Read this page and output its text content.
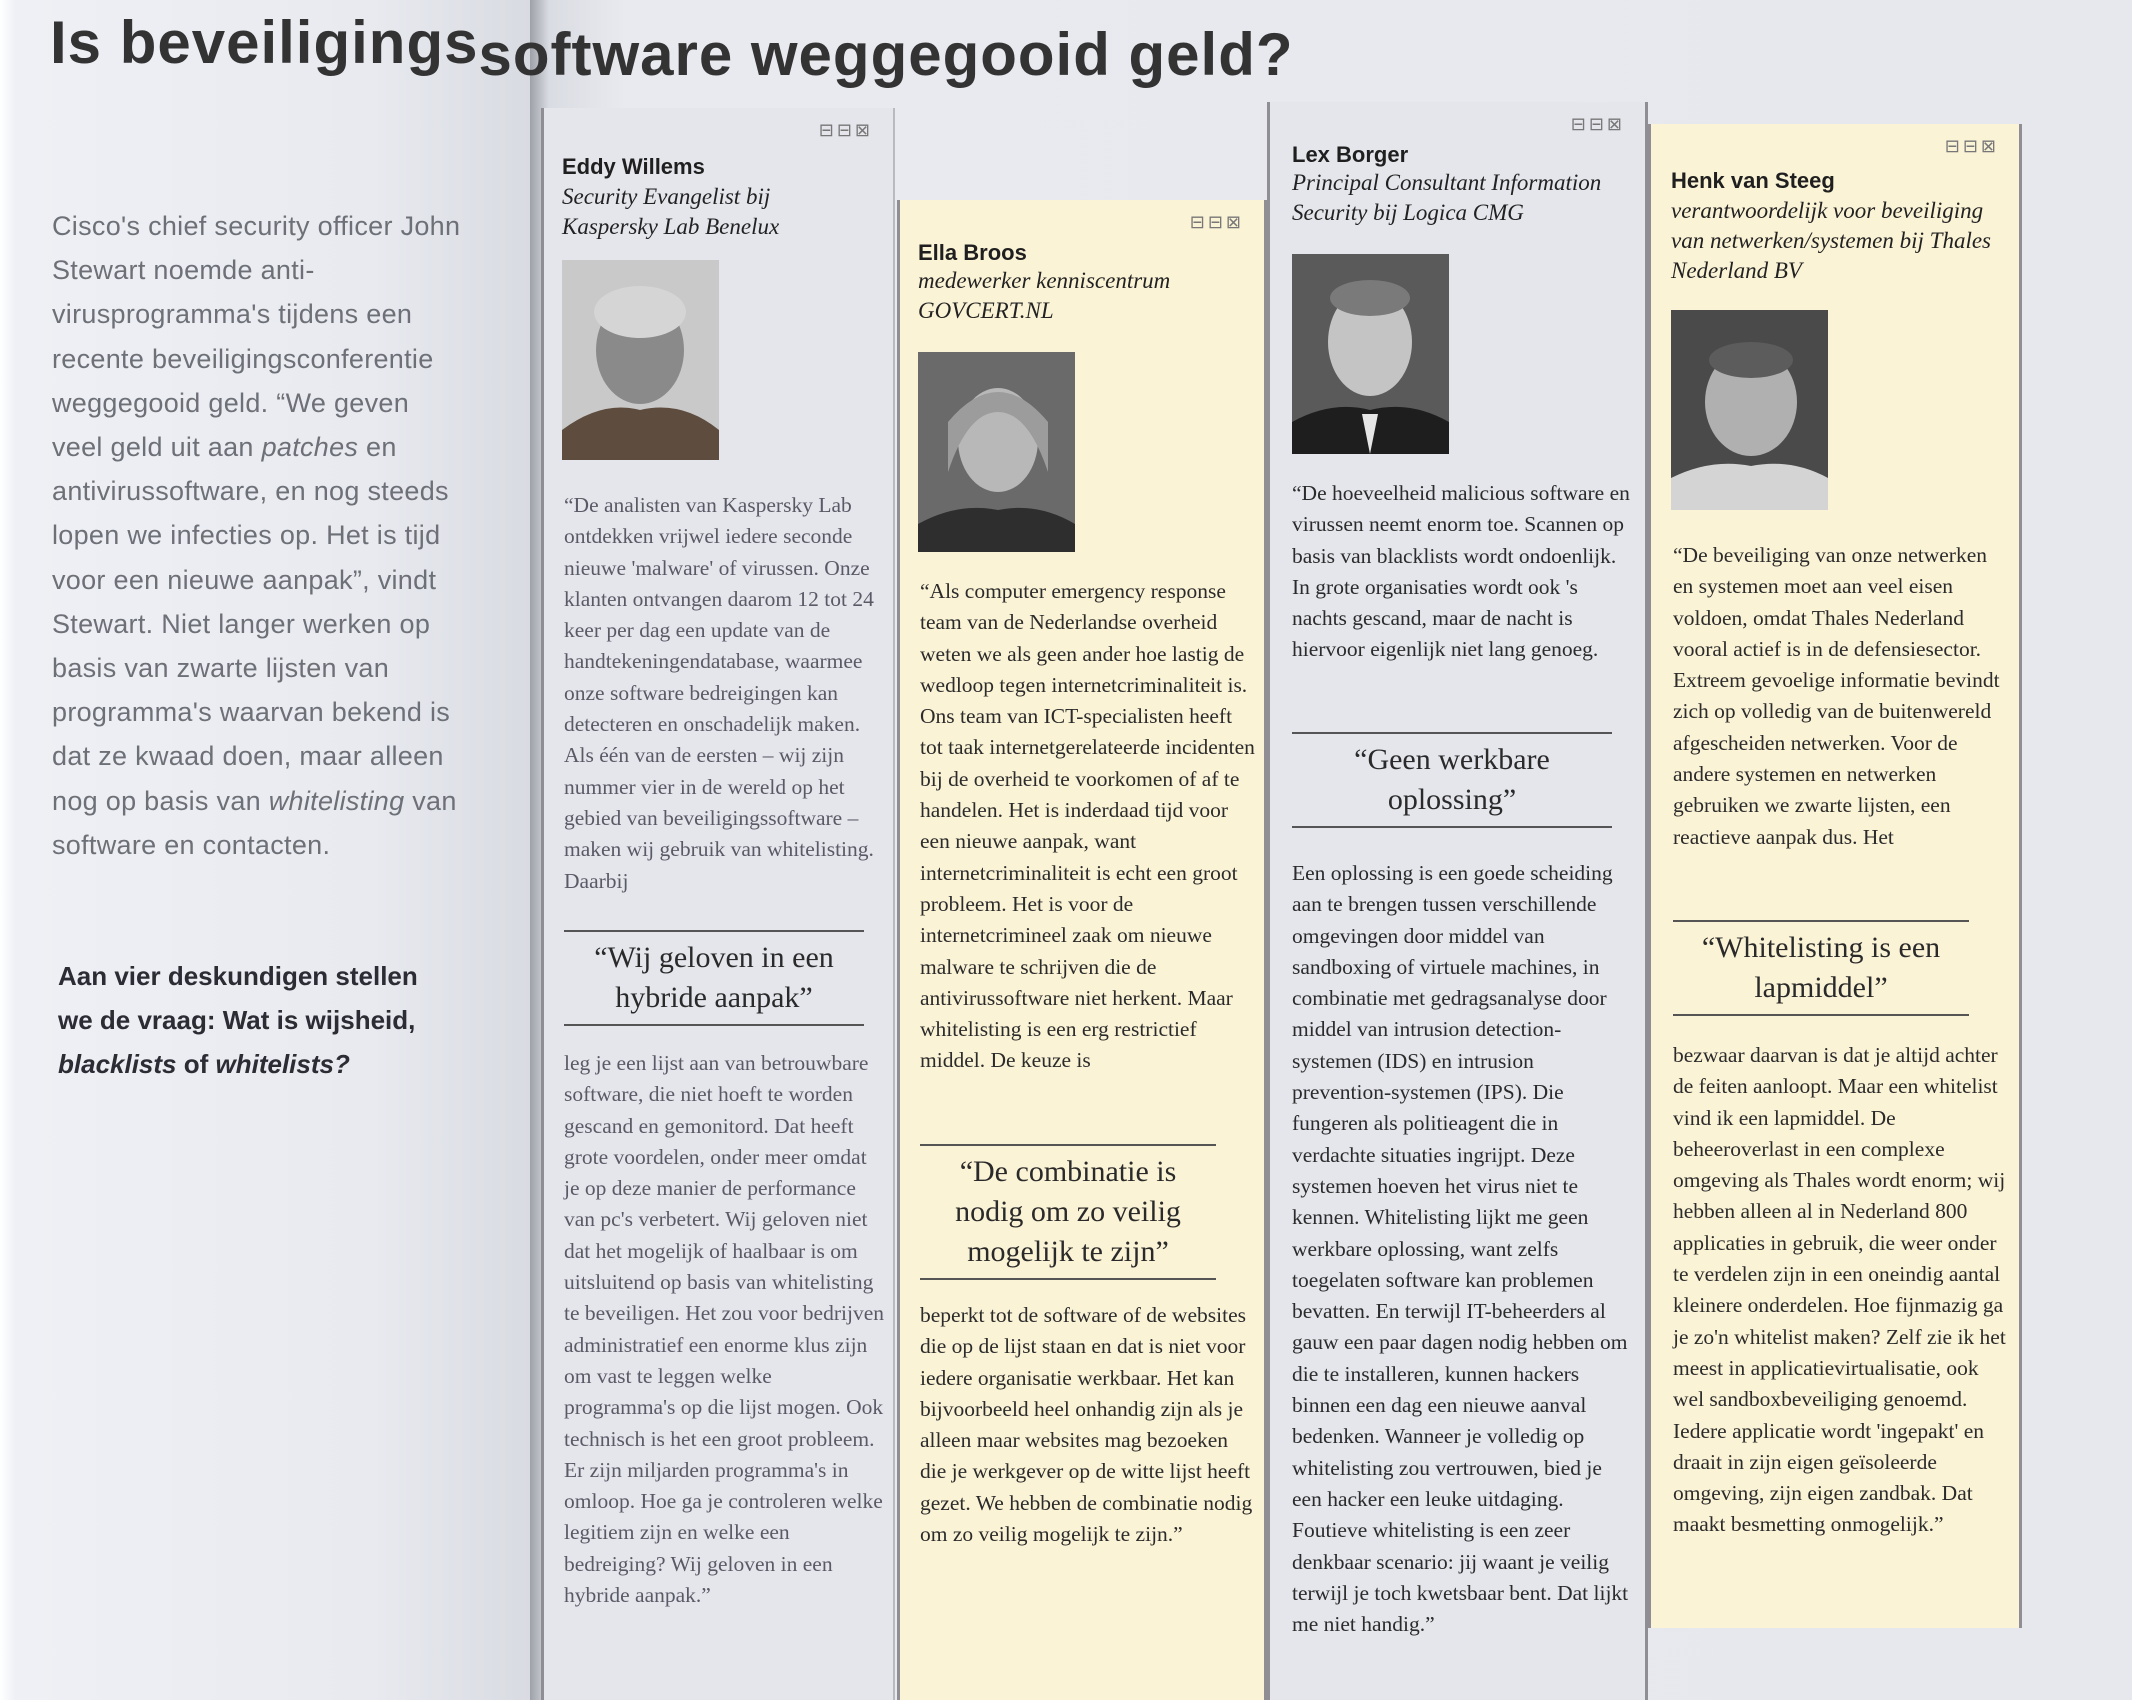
Is beveiligingssoftware weggegooid geld?

Cisco's chief security officer John Stewart noemde anti-virusprogramma's tijdens een recente beveiligingsconferentie weggegooid geld. “We geven veel geld uit aan patches en antivirussoftware, en nog steeds lopen we infecties op. Het is tijd voor een nieuwe aanpak”, vindt Stewart. Niet langer werken op basis van zwarte lijsten van programma's waarvan bekend is dat ze kwaad doen, maar alleen nog op basis van whitelisting van software en contacten.

Aan vier deskundigen stellen we de vraag: Wat is wijsheid, blacklists of whitelists?

⊟⊟⊠

Eddy Willems

Security Evangelist bij Kaspersky Lab Benelux

“De analisten van Kaspersky Lab ontdekken vrijwel iedere seconde nieuwe 'malware' of virussen. Onze klanten ontvangen daarom 12 tot 24 keer per dag een update van de handtekeningendatabase, waarmee onze software bedreigingen kan detecteren en onschadelijk maken. Als één van de eersten – wij zijn nummer vier in de wereld op het gebied van beveiligingssoftware – maken wij gebruik van whitelisting. Daarbij

“Wij geloven in een hybride aanpak”

leg je een lijst aan van betrouwbare software, die niet hoeft te worden gescand en gemonitord. Dat heeft grote voordelen, onder meer omdat je op deze manier de performance van pc's verbetert. Wij geloven niet dat het mogelijk of haalbaar is om uitsluitend op basis van whitelisting te beveiligen. Het zou voor bedrijven administratief een enorme klus zijn om vast te leggen welke programma's op die lijst mogen. Ook technisch is het een groot probleem. Er zijn miljarden programma's in omloop. Hoe ga je controleren welke legitiem zijn en welke een bedreiging? Wij geloven in een hybride aanpak.”

⊟⊟⊠

Ella Broos

medewerker kenniscentrum GOVCERT.NL

“Als computer emergency response team van de Nederlandse overheid weten we als geen ander hoe lastig de wedloop tegen internetcriminaliteit is. Ons team van ICT-specialisten heeft tot taak internetgerelateerde incidenten bij de overheid te voorkomen of af te handelen. Het is inderdaad tijd voor een nieuwe aanpak, want internetcriminaliteit is echt een groot probleem. Het is voor de internetcrimineel zaak om nieuwe malware te schrijven die de antivirussoftware niet herkent. Maar whitelisting is een erg restrictief middel. De keuze is

“De combinatie is nodig om zo veilig mogelijk te zijn”

beperkt tot de software of de websites die op de lijst staan en dat is niet voor iedere organisatie werkbaar. Het kan bijvoorbeeld heel onhandig zijn als je alleen maar websites mag bezoeken die je werkgever op de witte lijst heeft gezet. We hebben de combinatie nodig om zo veilig mogelijk te zijn.”

⊟⊟⊠

Lex Borger

Principal Consultant Information Security bij Logica CMG

“De hoeveelheid malicious software en virussen neemt enorm toe. Scannen op basis van blacklists wordt ondoenlijk. In grote organisaties wordt ook 's nachts gescand, maar de nacht is hiervoor eigenlijk niet lang genoeg.

“Geen werkbare oplossing”

Een oplossing is een goede scheiding aan te brengen tussen verschillende omgevingen door middel van sandboxing of virtuele machines, in combinatie met gedragsanalyse door middel van intrusion detection-systemen (IDS) en intrusion prevention-systemen (IPS). Die fungeren als politieagent die in verdachte situaties ingrijpt. Deze systemen hoeven het virus niet te kennen. Whitelisting lijkt me geen werkbare oplossing, want zelfs toegelaten software kan problemen bevatten. En terwijl IT-beheerders al gauw een paar dagen nodig hebben om die te installeren, kunnen hackers binnen een dag een nieuwe aanval bedenken. Wanneer je volledig op whitelisting zou vertrouwen, bied je een hacker een leuke uitdaging. Foutieve whitelisting is een zeer denkbaar scenario: jij waant je veilig terwijl je toch kwetsbaar bent. Dat lijkt me niet handig.”

⊟⊟⊠

Henk van Steeg

verantwoordelijk voor beveiliging van netwerken/systemen bij Thales Nederland BV

“De beveiliging van onze netwerken en systemen moet aan veel eisen voldoen, omdat Thales Nederland vooral actief is in de defensiesector. Extreem gevoelige informatie bevindt zich op volledig van de buitenwereld afgescheiden netwerken. Voor de andere systemen en netwerken gebruiken we zwarte lijsten, een reactieve aanpak dus. Het

“Whitelisting is een lapmiddel”

bezwaar daarvan is dat je altijd achter de feiten aanloopt. Maar een whitelist vind ik een lapmiddel. De beheeroverlast in een complexe omgeving als Thales wordt enorm; wij hebben alleen al in Nederland 800 applicaties in gebruik, die weer onder te verdelen zijn in een oneindig aantal kleinere onderdelen. Hoe fijnmazig ga je zo'n whitelist maken? Zelf zie ik het meest in applicatievirtualisatie, ook wel sandboxbeveiliging genoemd. Iedere applicatie wordt 'ingepakt' en draait in zijn eigen geïsoleerde omgeving, zijn eigen zandbak. Dat maakt besmetting onmogelijk.”
